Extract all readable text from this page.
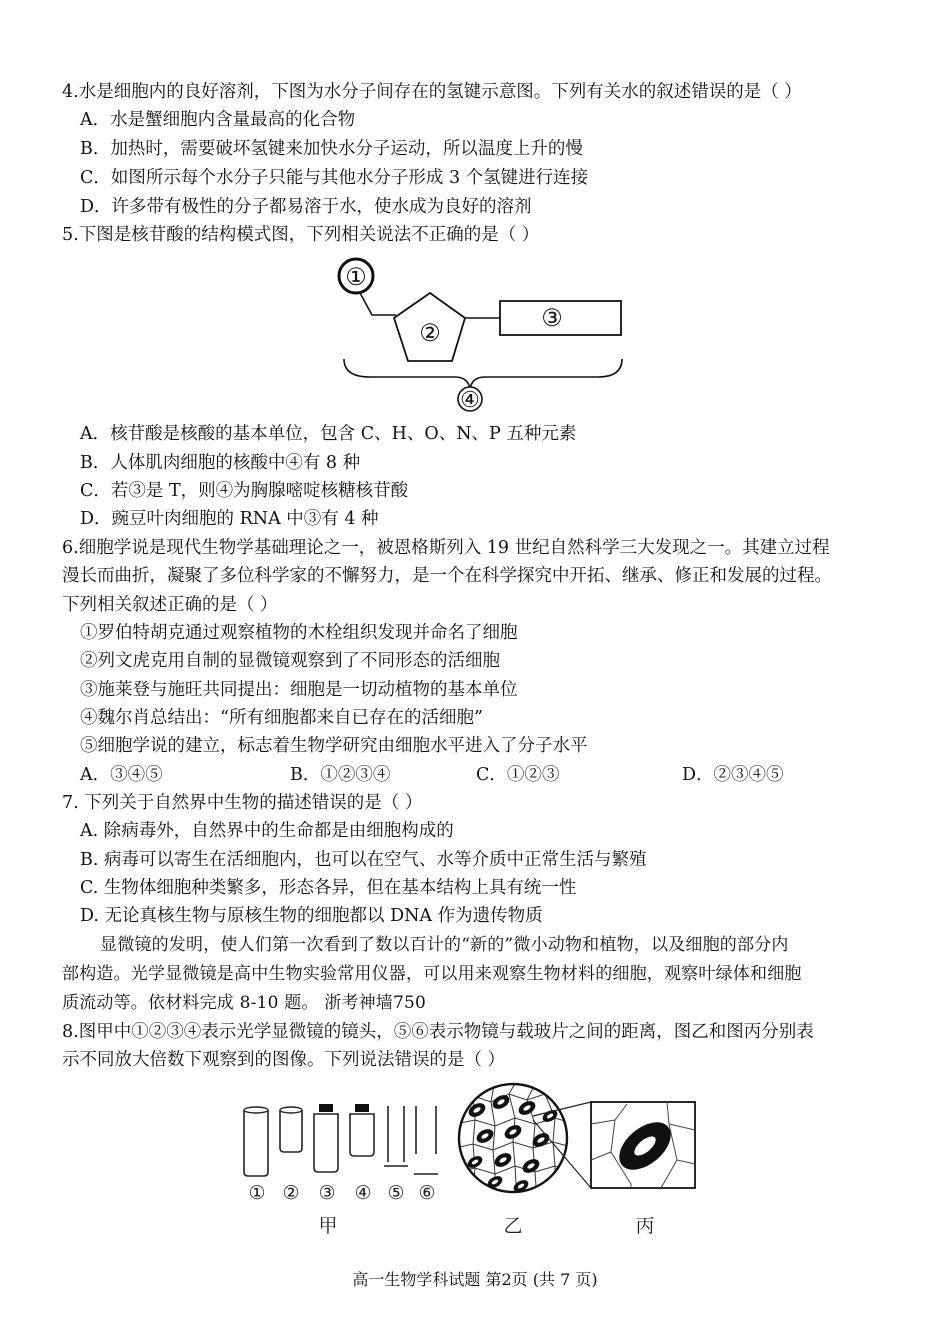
4.水是细胞内的良好溶剂，下图为水分子间存在的氢键示意图。下列有关水的叙述错误的是（ ）
A．水是蟹细胞内含量最高的化合物
B．加热时，需要破坏氢键来加快水分子运动，所以温度上升的慢
C．如图所示每个水分子只能与其他水分子形成 3 个氢键进行连接
D．许多带有极性的分子都易溶于水，使水成为良好的溶剂
5.下图是核苷酸的结构模式图，下列相关说法不正确的是（ ）
①
②
③
④
A．核苷酸是核酸的基本单位，包含 C、H、O、N、P 五种元素
B．人体肌肉细胞的核酸中④有 8 种
C．若③是 T，则④为胸腺嘧啶核糖核苷酸
D．豌豆叶肉细胞的 RNA 中③有 4 种
6.细胞学说是现代生物学基础理论之一，被恩格斯列入 19 世纪自然科学三大发现之一。其建立过程
漫长而曲折，凝聚了多位科学家的不懈努力，是一个在科学探究中开拓、继承、修正和发展的过程。
下列相关叙述正确的是（ ）
①罗伯特胡克通过观察植物的木栓组织发现并命名了细胞
②列文虎克用自制的显微镜观察到了不同形态的活细胞
③施莱登与施旺共同提出：细胞是一切动植物的基本单位
④魏尔肖总结出：“所有细胞都来自已存在的活细胞”
⑤细胞学说的建立，标志着生物学研究由细胞水平进入了分子水平
A．③④⑤	B．①②③④	C．①②③	D．②③④⑤
7. 下列关于自然界中生物的描述错误的是（ ）
A. 除病毒外，自然界中的生命都是由细胞构成的
B. 病毒可以寄生在活细胞内，也可以在空气、水等介质中正常生活与繁殖
C. 生物体细胞种类繁多，形态各异，但在基本结构上具有统一性
D. 无论真核生物与原核生物的细胞都以 DNA 作为遗传物质
显微镜的发明，使人们第一次看到了数以百计的“新的”微小动物和植物，以及细胞的部分内
部构造。光学显微镜是高中生物实验常用仪器，可以用来观察生物材料的细胞，观察叶绿体和细胞
质流动等。依材料完成 8-10 题。 浙考神墙750
8.图甲中①②③④表示光学显微镜的镜头，⑤⑥表示物镜与载玻片之间的距离，图乙和图丙分别表
示不同放大倍数下观察到的图像。下列说法错误的是（ ）
① ② ③ ④ ⑤ ⑥
甲	乙	丙
高一生物学科试题 第2页 (共 7 页)
